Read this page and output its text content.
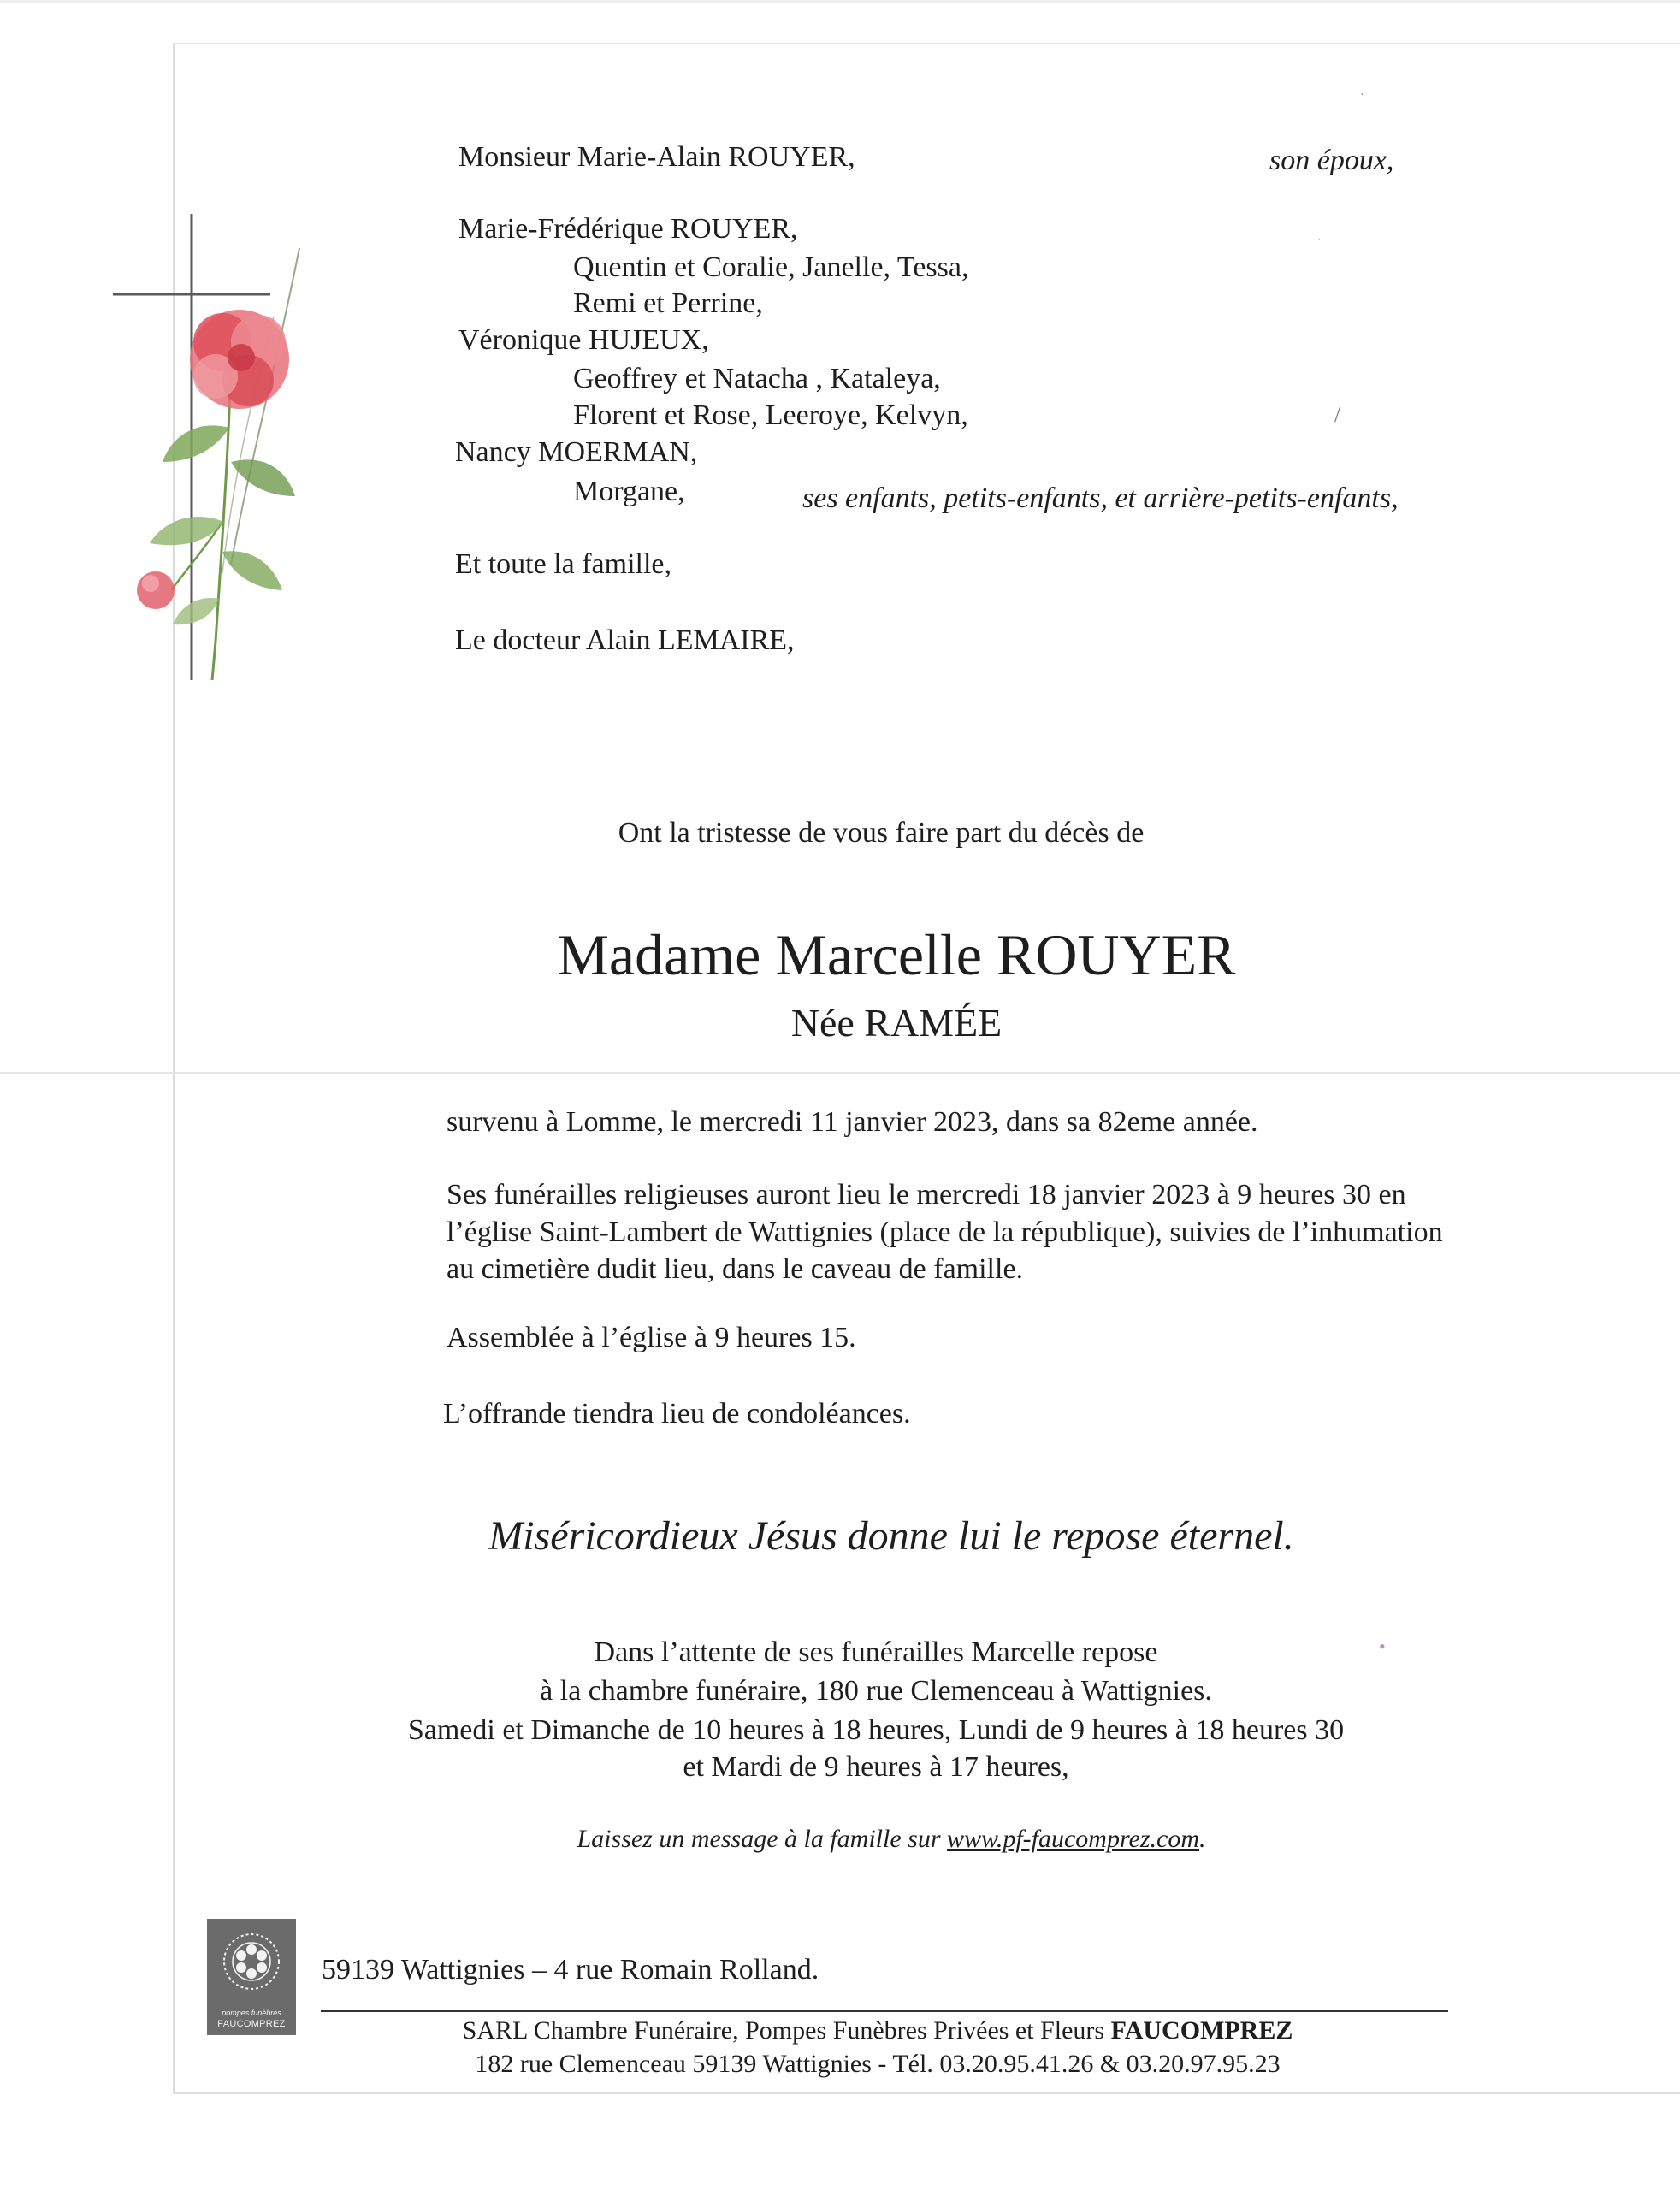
Monsieur Marie-Alain ROUYER,	son époux,
Marie-Frédérique ROUYER,
Quentin et Coralie, Janelle, Tessa,
Remi et Perrine,
Véronique HUJEUX,
Geoffrey et Natacha , Kataleya,
Florent et Rose, Leeroye, Kelvyn,
Nancy MOERMAN,
Morgane,	ses enfants, petits-enfants, et arrière-petits-enfants,
Et toute la famille,
Le docteur Alain LEMAIRE,
Ont la tristesse de vous faire part du décès de
Madame Marcelle ROUYER
Née RAMÉE
survenu à Lomme, le mercredi 11 janvier 2023, dans sa 82eme année.
Ses funérailles religieuses auront lieu le mercredi 18 janvier 2023 à 9 heures 30 en
l’église Saint-Lambert de Wattignies (place de la république), suivies de l’inhumation
au cimetière dudit lieu, dans le caveau de famille.
Assemblée à l’église à 9 heures 15.
L’offrande tiendra lieu de condoléances.
Miséricordieux Jésus donne lui le repose éternel.
Dans l’attente de ses funérailles Marcelle repose
à la chambre funéraire, 180 rue Clemenceau à Wattignies.
Samedi et Dimanche de 10 heures à 18 heures, Lundi de 9 heures à 18 heures 30
et Mardi de 9 heures à 17 heures,
Laissez un message à la famille sur www.pf-faucomprez.com.
pompes funèbres
FAUCOMPREZ
59139 Wattignies – 4 rue Romain Rolland.
SARL Chambre Funéraire, Pompes Funèbres Privées et Fleurs FAUCOMPREZ
182 rue Clemenceau 59139 Wattignies - Tél. 03.20.95.41.26 & 03.20.97.95.23
·
·
/
•
